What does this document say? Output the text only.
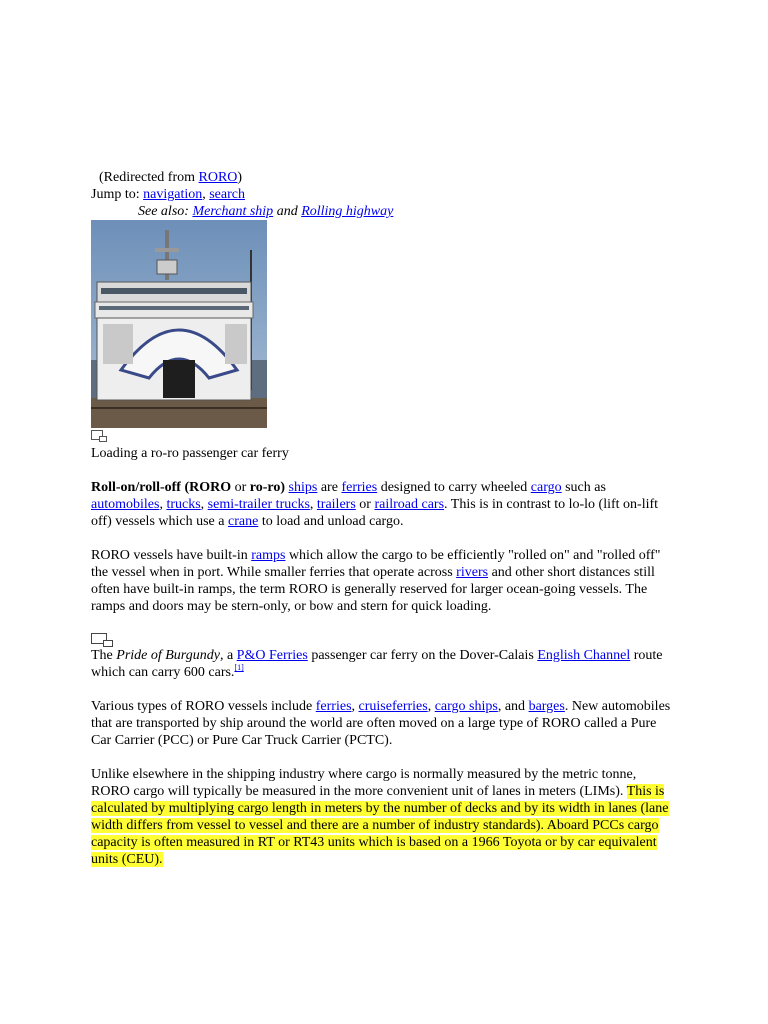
(Redirected from RORO)
Jump to: navigation, search
See also: Merchant ship and Rolling highway
Loading a ro-ro passenger car ferry

Roll-on/roll-off (RORO or ro-ro) ships are ferries designed to carry wheeled cargo such as automobiles, trucks, semi-trailer trucks, trailers or railroad cars. This is in contrast to lo-lo (lift on-lift off) vessels which use a crane to load and unload cargo.

RORO vessels have built-in ramps which allow the cargo to be efficiently "rolled on" and "rolled off" the vessel when in port. While smaller ferries that operate across rivers and other short distances still often have built-in ramps, the term RORO is generally reserved for larger ocean-going vessels. The ramps and doors may be stern-only, or bow and stern for quick loading.

The Pride of Burgundy, a P&O Ferries passenger car ferry on the Dover-Calais English Channel route which can carry 600 cars.[1]

Various types of RORO vessels include ferries, cruiseferries, cargo ships, and barges. New automobiles that are transported by ship around the world are often moved on a large type of RORO called a Pure Car Carrier (PCC) or Pure Car Truck Carrier (PCTC).

Unlike elsewhere in the shipping industry where cargo is normally measured by the metric tonne, RORO cargo will typically be measured in the more convenient unit of lanes in meters (LIMs). This is calculated by multiplying cargo length in meters by the number of decks and by its width in lanes (lane width differs from vessel to vessel and there are a number of industry standards). Aboard PCCs cargo capacity is often measured in RT or RT43 units which is based on a 1966 Toyota or by car equivalent units (CEU).
